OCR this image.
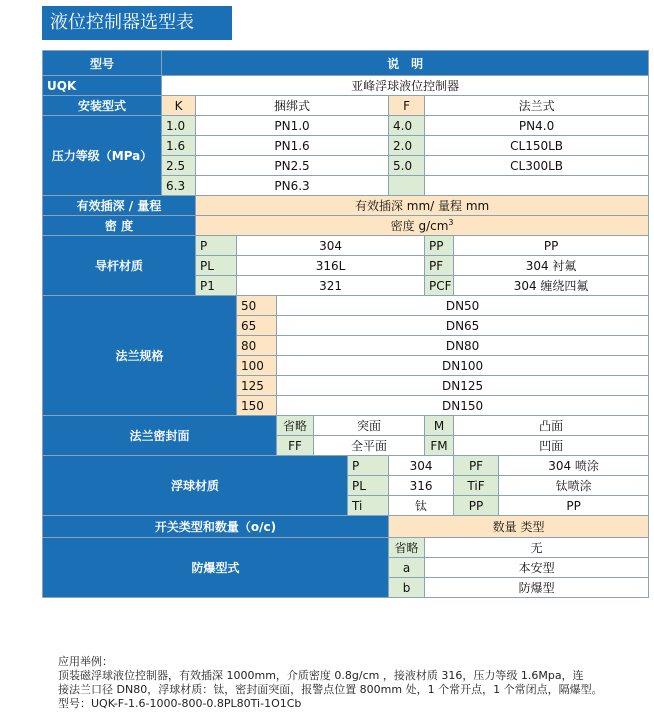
液位控制器选型表
型号	说　明									
UQK	亚峰浮球液位控制器									
安装型式	K	捆绑式					F	法兰式		
压力等级（MPa）	1.0	PN1.0					4.0	PN4.0		
	1.6	PN1.6					2.0	CL150LB		
	2.5	PN2.5					5.0	CL300LB		
	6.3	PN6.3								
有效插深 / 量程		有效插深 mm/ 量程 mm								
密 度		密度 $g/cm^3$
导杆材质		P	304					PP	PP	
		PL	316L					PF	304 衬氟	
		P1	321					PCF	304 缠绕四氟	
法兰规格			50	DN50						
			65	DN65						
			80	DN80						
			100	DN100						
			125	DN125						
			150	DN150						
法兰密封面				省略	突面			M	凸面	
				FF	全平面			FM	凹面	
浮球材质						P	304		PF	304 喷涂
						PL	316		TiF	钛喷涂
						Ti	钛		PP	PP
开关类型和数量（o/c)							数量 类型			
防爆型式							省略	无		
							a	本安型		
							b	防爆型		
应用举例：
顶装磁浮球液位控制器，有效插深 1000mm，介质密度 0.8g/cm ，接液材质 316，压力等级 1.6Mpa，连
接法兰口径 DN80，浮球材质：钛，密封面突面，报警点位置 800mm 处，1 个常开点，1 个常闭点，隔爆型。
型号：UQK-F-1.6-1000-800-0.8PL80Ti-1O1Cb
